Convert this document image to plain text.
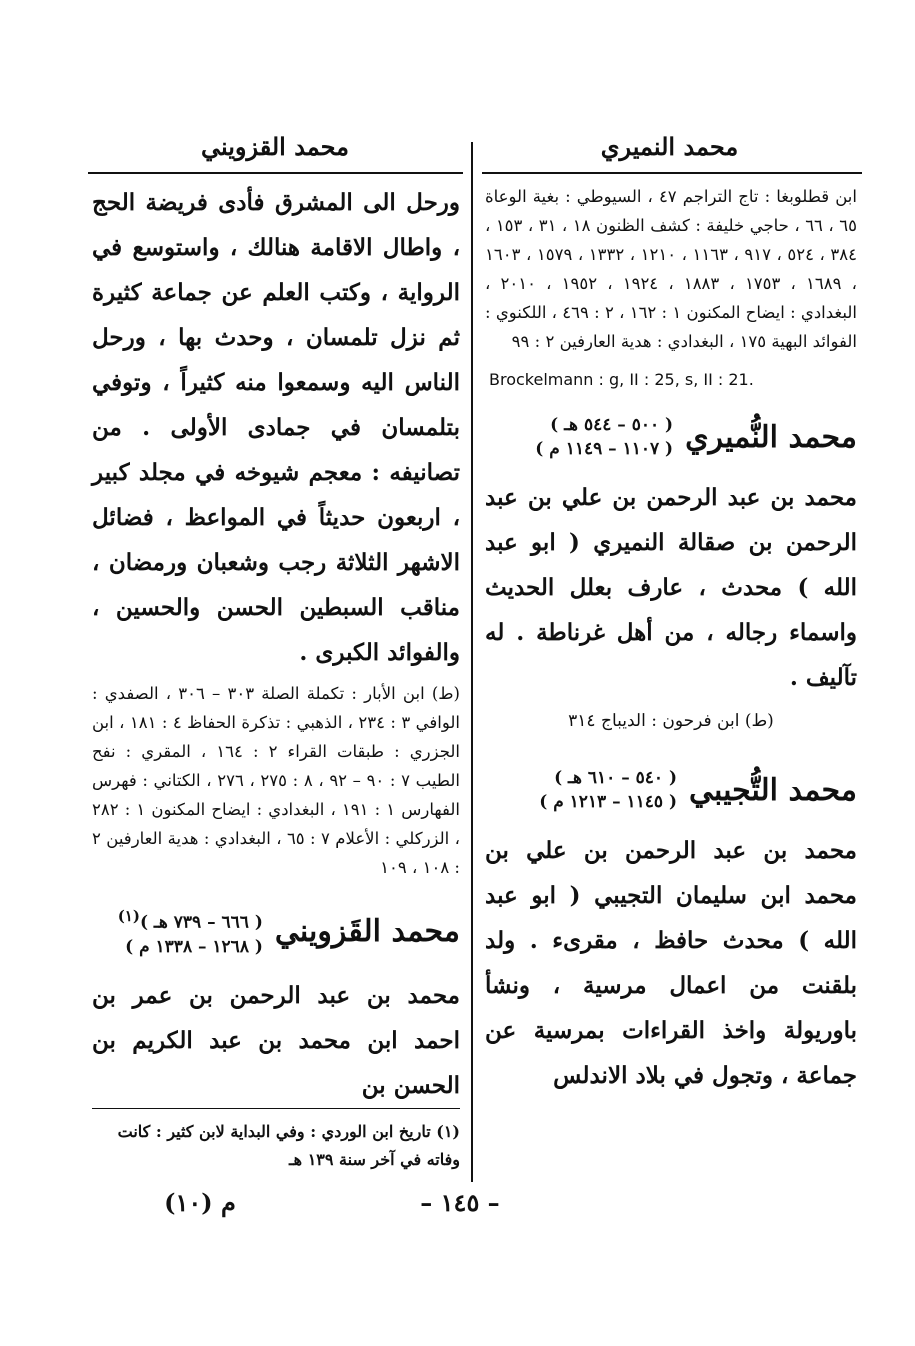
محمد النميري
محمد القزويني

ابن قطلوبغا : تاج التراجم ٤٧ ، السيوطي : بغية الوعاة ٦٥ ، ٦٦ ، حاجي خليفة : كشف الظنون ١٨ ، ٣١ ، ١٥٣ ، ٣٨٤ ، ٥٢٤ ، ٩١٧ ، ١١٦٣ ، ١٢١٠ ، ١٣٣٢ ، ١٥٧٩ ، ١٦٠٣ ، ١٦٨٩ ، ١٧٥٣ ، ١٨٨٣ ، ١٩٢٤ ، ١٩٥٢ ، ٢٠١٠ ، البغدادي : ايضاح المكنون ١ : ١٦٢ ، ٢ : ٤٦٩ ، اللكنوي : الفوائد البهية ١٧٥ ، البغدادي : هدية العارفين ٢ : ٩٩

Brockelmann : g, II : 25, s, II : 21.

محمد النُّميري
( ٥٠٠ – ٥٤٤ هـ )
( ١١٠٧ – ١١٤٩ م )

محمد بن عبد الرحمن بن علي بن عبد الرحمن بن صقالة النميري ( ابو عبد الله ) محدث ، عارف بعلل الحديث واسماء رجاله ، من أهل غرناطة . له تآليف .

(ط) ابن فرحون : الديباج ٣١٤

محمد التُّجيبي
( ٥٤٠ – ٦١٠ هـ )
( ١١٤٥ – ١٢١٣ م )

محمد بن عبد الرحمن بن علي بن محمد ابن سليمان التجيبي ( ابو عبد الله ) محدث حافظ ، مقرىء . ولد بلقنت من اعمال مرسية ، ونشأ باوريولة واخذ القراءات بمرسية عن جماعة ، وتجول في بلاد الاندلس

ورحل الى المشرق فأدى فريضة الحج ، واطال الاقامة هنالك ، واستوسع في الرواية ، وكتب العلم عن جماعة كثيرة ثم نزل تلمسان ، وحدث بها ، ورحل الناس اليه وسمعوا منه كثيراً ، وتوفي بتلمسان في جمادى الأولى . من تصانيفه : معجم شيوخه في مجلد كبير ، اربعون حديثاً في المواعظ ، فضائل الاشهر الثلاثة رجب وشعبان ورمضان ، مناقب السبطين الحسن والحسين ، والفوائد الكبرى .

(ط) ابن الأبار : تكملة الصلة ٣٠٣ – ٣٠٦ ، الصفدي : الوافي ٣ : ٢٣٤ ، الذهبي : تذكرة الحفاظ ٤ : ١٨١ ، ابن الجزري : طبقات القراء ٢ : ١٦٤ ، المقري : نفح الطيب ٧ : ٩٠ – ٩٢ ، ٨ : ٢٧٥ ، ٢٧٦ ، الكتاني : فهرس الفهارس ١ : ١٩١ ، البغدادي : ايضاح المكنون ١ : ٢٨٢ ، الزركلي : الأعلام ٧ : ٦٥ ، البغدادي : هدية العارفين ٢ : ١٠٨ ، ١٠٩

محمد القَزويني
( ٦٦٦ – ٧٣٩ هـ )(١)
( ١٢٦٨ – ١٣٣٨ م )

محمد بن عبد الرحمن بن عمر بن احمد ابن محمد بن عبد الكريم بن الحسن بن

(١) تاريخ ابن الوردي : وفي البداية لابن كثير : كانت وفاته في آخر سنة ١٣٩ هـ

– ١٤٥ –
م (١٠)
